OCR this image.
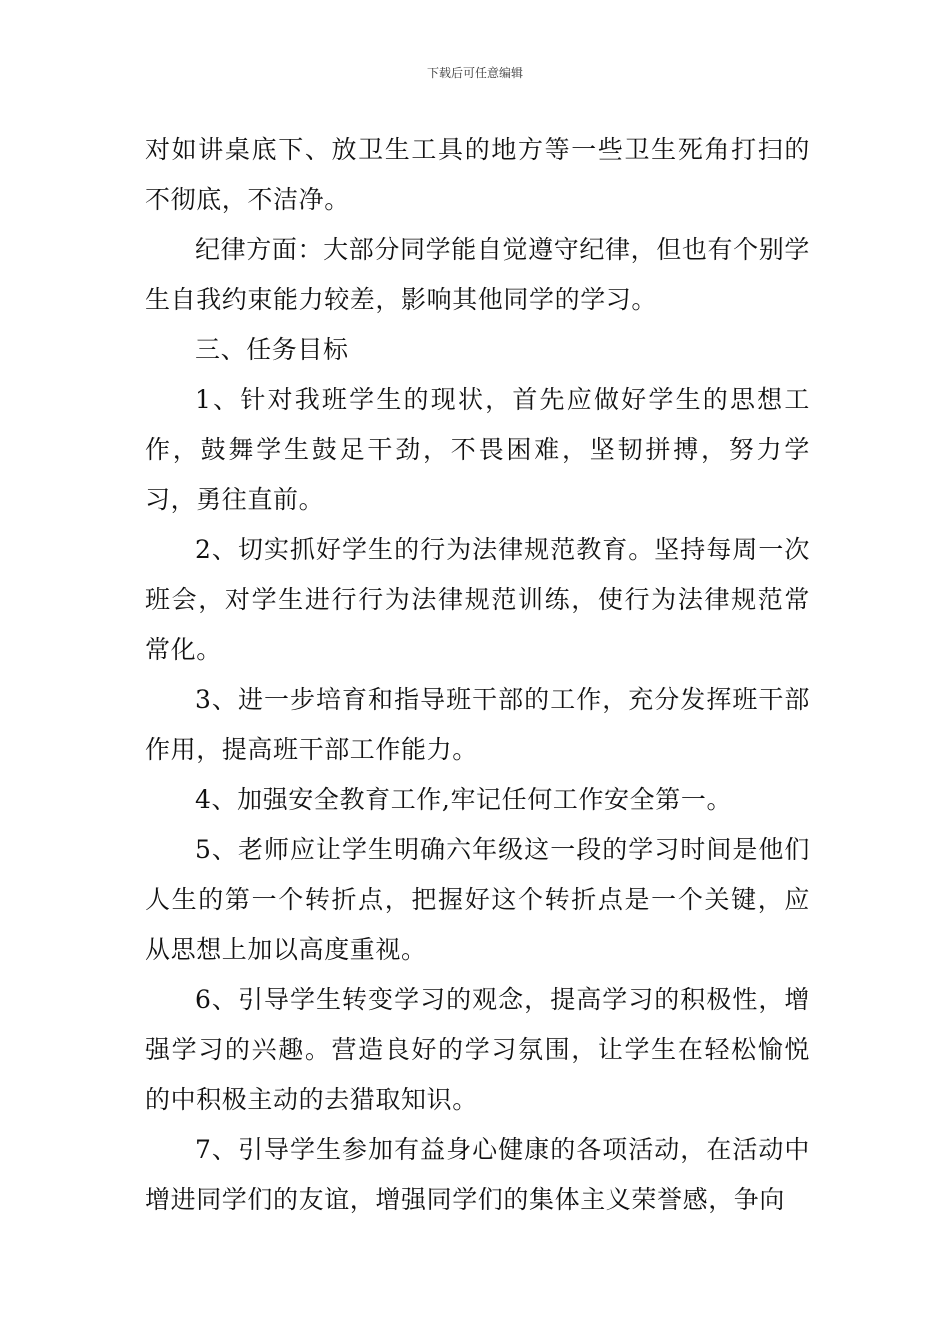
下载后可任意编辑

对如讲桌底下、放卫生工具的地方等一些卫生死角打扫的不彻底，不洁净。

纪律方面：大部分同学能自觉遵守纪律，但也有个别学生自我约束能力较差，影响其他同学的学习。

三、任务目标

1、针对我班学生的现状，首先应做好学生的思想工作，鼓舞学生鼓足干劲，不畏困难，坚韧拼搏，努力学习，勇往直前。

2、切实抓好学生的行为法律规范教育。坚持每周一次班会，对学生进行行为法律规范训练，使行为法律规范常常化。

3、进一步培育和指导班干部的工作，充分发挥班干部作用，提高班干部工作能力。

4、加强安全教育工作,牢记任何工作安全第一。

5、老师应让学生明确六年级这一段的学习时间是他们人生的第一个转折点，把握好这个转折点是一个关键，应从思想上加以高度重视。

6、引导学生转变学习的观念，提高学习的积极性，增强学习的兴趣。营造良好的学习氛围，让学生在轻松愉悦的中积极主动的去猎取知识。

7、引导学生参加有益身心健康的各项活动，在活动中增进同学们的友谊，增强同学们的集体主义荣誉感，争向
